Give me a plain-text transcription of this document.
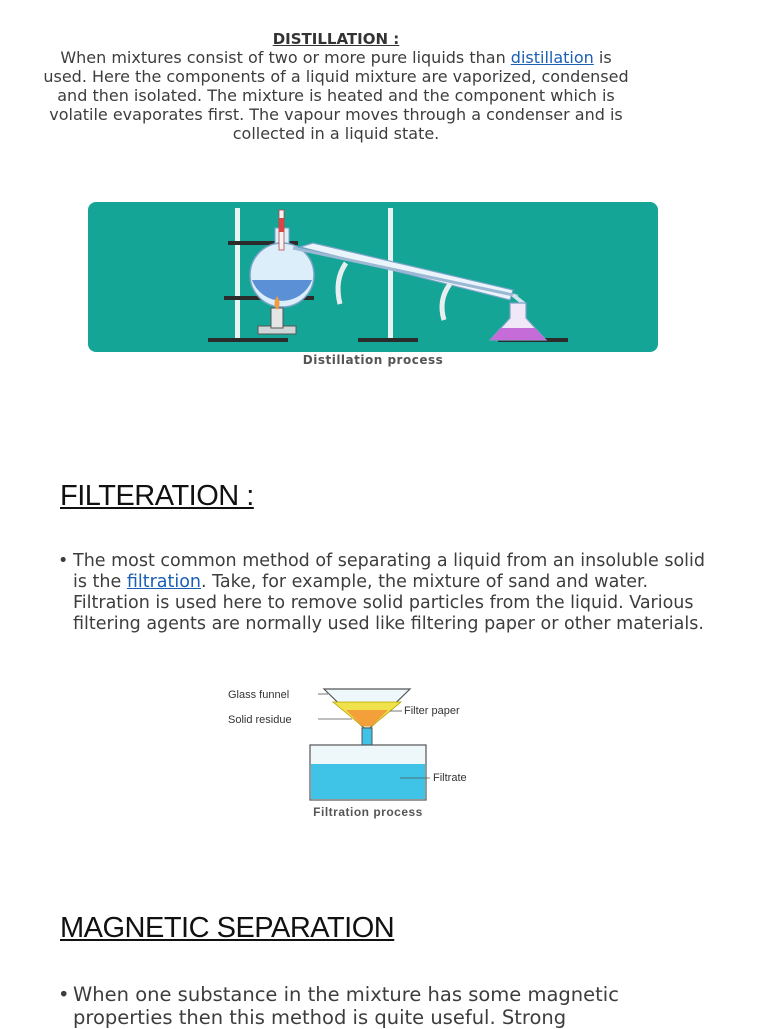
DISTILLATION :
When mixtures consist of two or more pure liquids than distillation is used. Here the components of a liquid mixture are vaporized, condensed and then isolated. The mixture is heated and the component which is volatile evaporates first. The vapour moves through a condenser and is collected in a liquid state.
Distillation process
FILTERATION :
• The most common method of separating a liquid from an insoluble solid is the filtration. Take, for example, the mixture of sand and water. Filtration is used here to remove solid particles from the liquid. Various filtering agents are normally used like filtering paper or other materials.
Glass funnel
Solid residue
Filter paper
Filtrate
Filtration process
MAGNETIC SEPARATION
• When one substance in the mixture has some magnetic properties then this method is quite useful. Strong
